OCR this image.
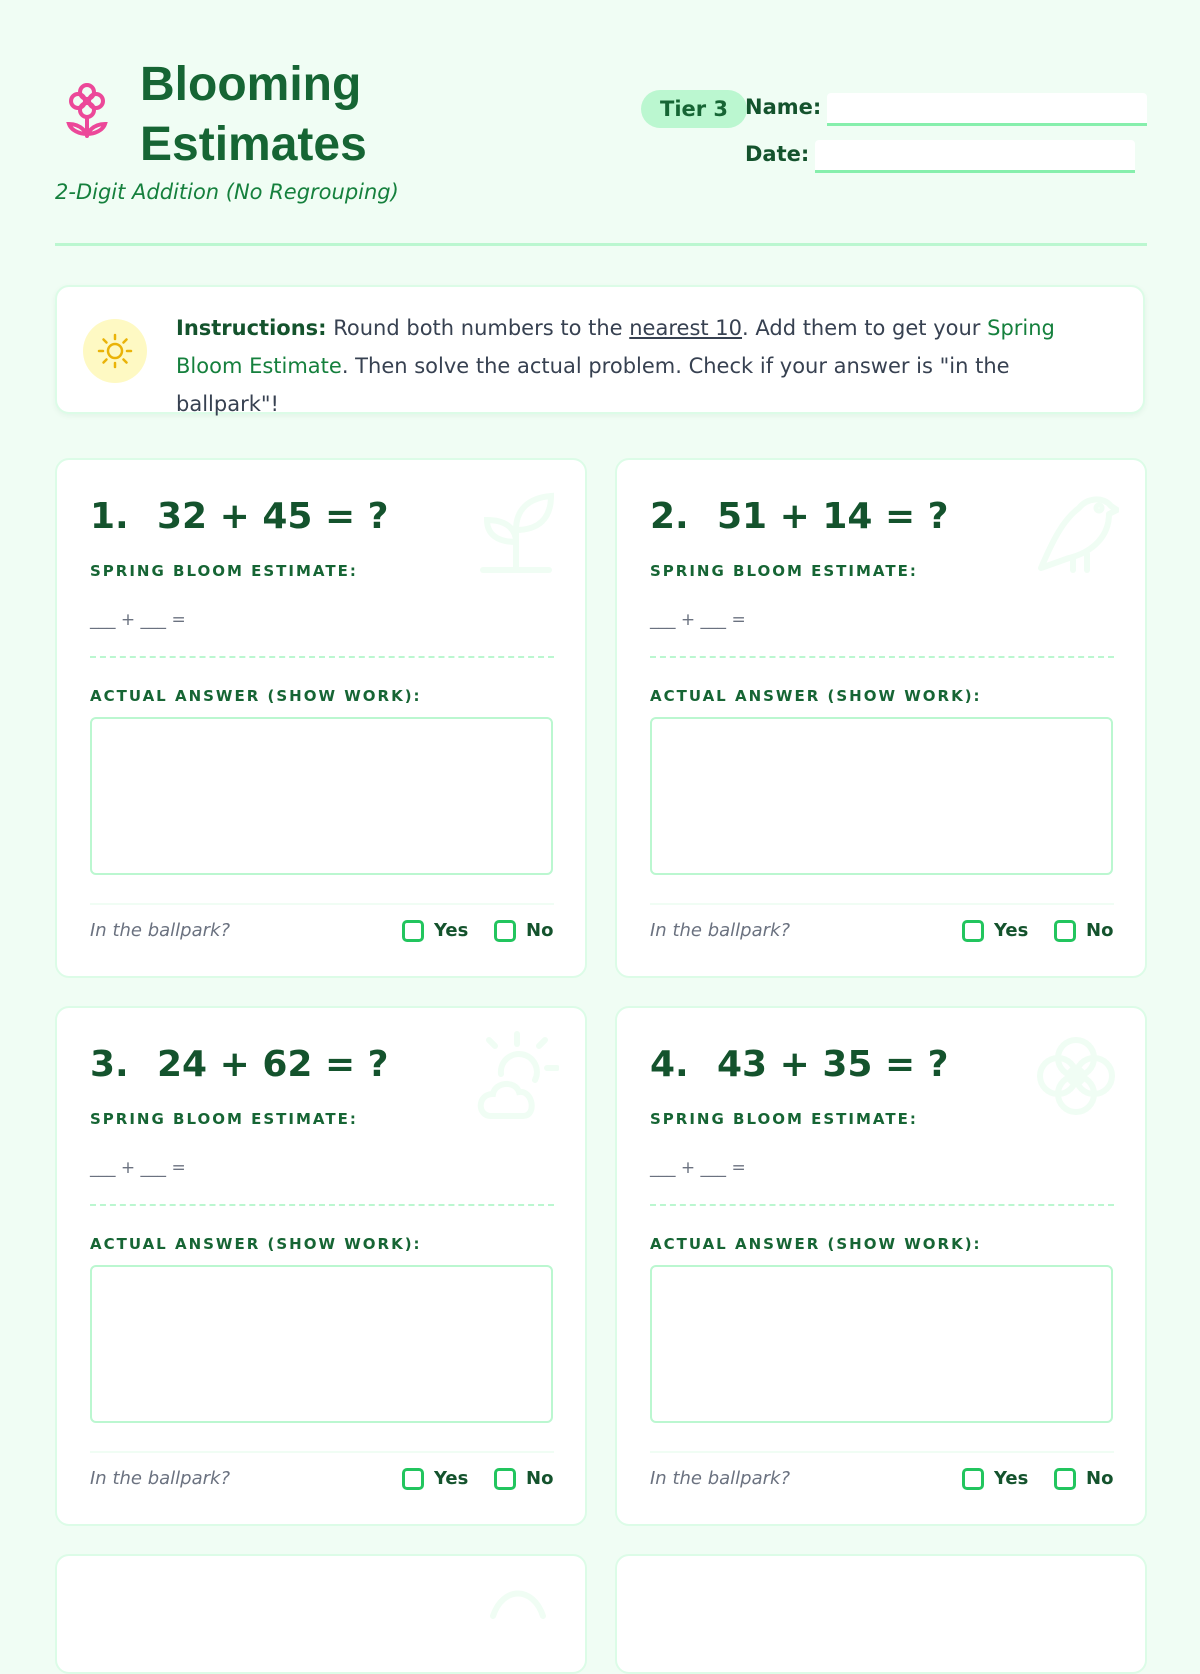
Blooming Estimates
2-Digit Addition (No Regrouping)
Tier 3 Name:
Date:
Instructions: Round both numbers to the nearest 10. Add them to get your Spring Bloom Estimate. Then solve the actual problem. Check if your answer is "in the ballpark"!
1. 32 + 45 = ?
SPRING BLOOM ESTIMATE:
___ + ___ =
ACTUAL ANSWER (SHOW WORK):
In the ballpark?	Yes	No
2. 51 + 14 = ?
SPRING BLOOM ESTIMATE:
___ + ___ =
ACTUAL ANSWER (SHOW WORK):
In the ballpark?	Yes	No
3. 24 + 62 = ?
SPRING BLOOM ESTIMATE:
___ + ___ =
ACTUAL ANSWER (SHOW WORK):
In the ballpark?	Yes	No
4. 43 + 35 = ?
SPRING BLOOM ESTIMATE:
___ + ___ =
ACTUAL ANSWER (SHOW WORK):
In the ballpark?	Yes	No
